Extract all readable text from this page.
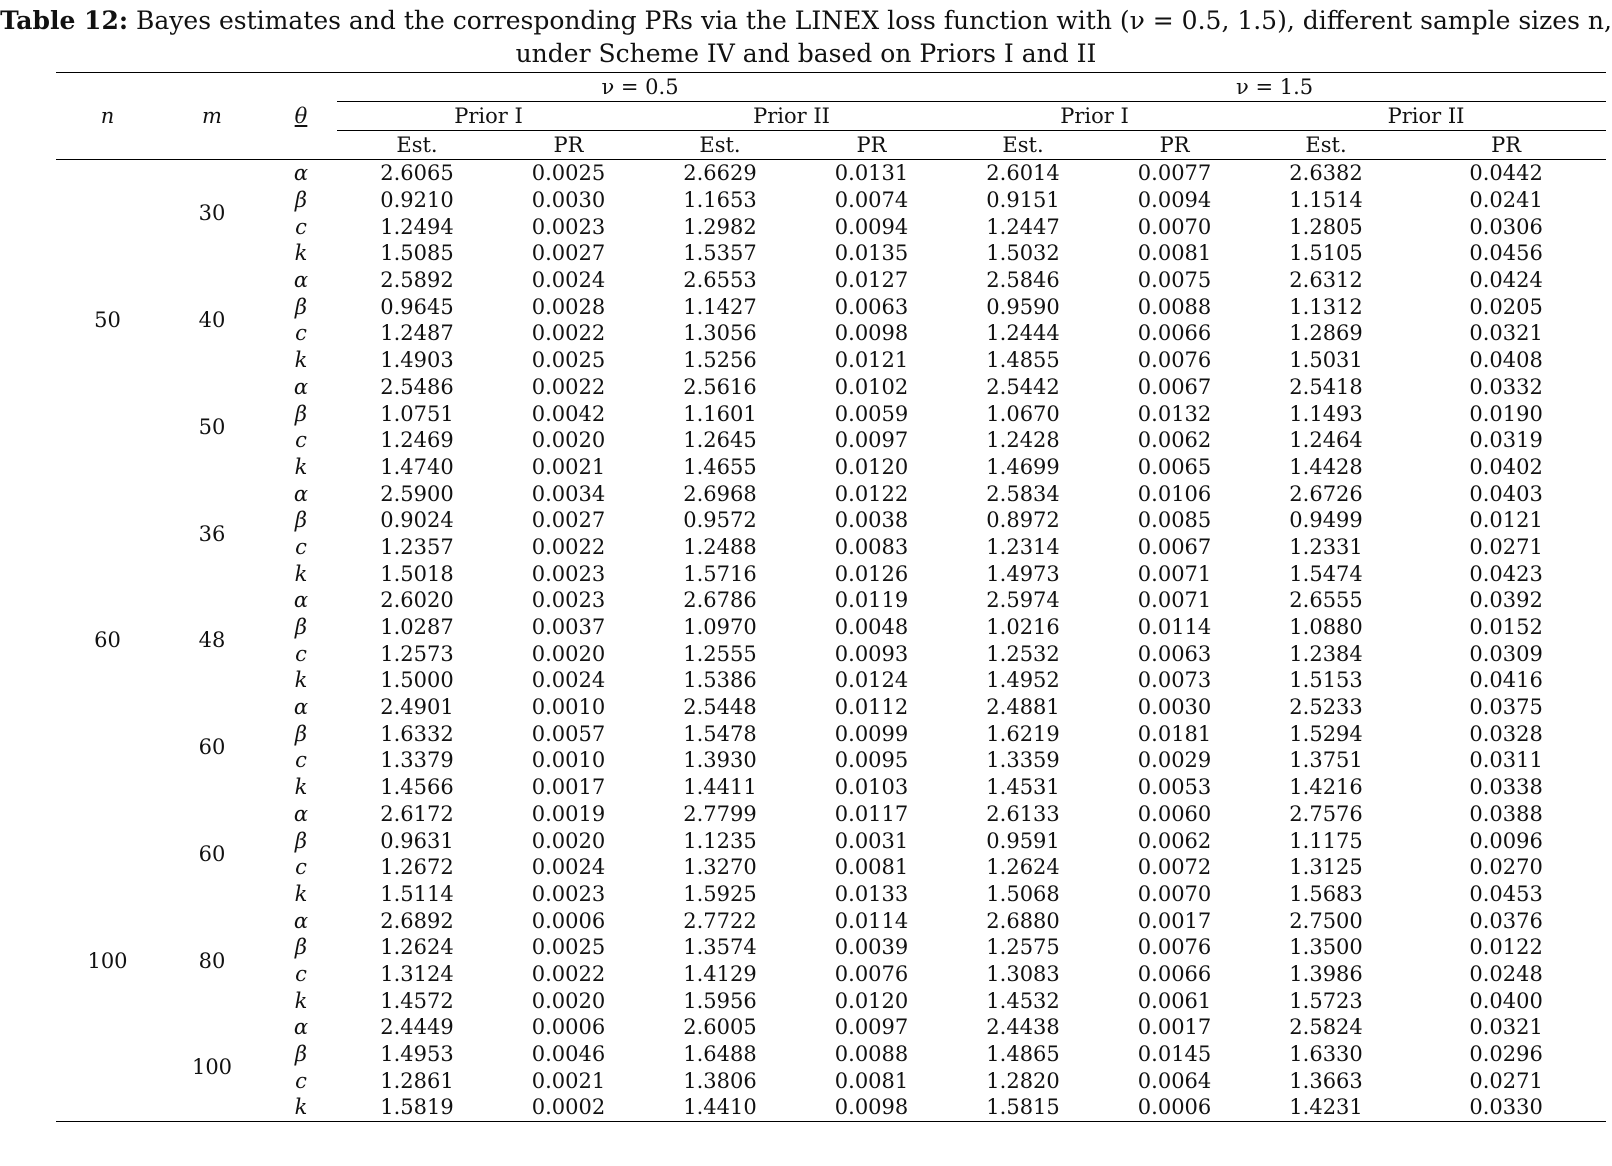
Table 12: Bayes estimates and the corresponding PRs via the LINEX loss function with (ν = 0.5, 1.5), different sample sizes n,
under Scheme IV and based on Priors I and II
n	m	θ	ν = 0.5				ν = 1.5			
			Prior I		Prior II		Prior I		Prior II	
			Est.	PR	Est.	PR	Est.	PR	Est.	PR
50	30	α	2.6065	0.0025	2.6629	0.0131	2.6014	0.0077	2.6382	0.0442
		β	0.9210	0.0030	1.1653	0.0074	0.9151	0.0094	1.1514	0.0241
		c	1.2494	0.0023	1.2982	0.0094	1.2447	0.0070	1.2805	0.0306
		k	1.5085	0.0027	1.5357	0.0135	1.5032	0.0081	1.5105	0.0456
	40	α	2.5892	0.0024	2.6553	0.0127	2.5846	0.0075	2.6312	0.0424
		β	0.9645	0.0028	1.1427	0.0063	0.9590	0.0088	1.1312	0.0205
		c	1.2487	0.0022	1.3056	0.0098	1.2444	0.0066	1.2869	0.0321
		k	1.4903	0.0025	1.5256	0.0121	1.4855	0.0076	1.5031	0.0408
	50	α	2.5486	0.0022	2.5616	0.0102	2.5442	0.0067	2.5418	0.0332
		β	1.0751	0.0042	1.1601	0.0059	1.0670	0.0132	1.1493	0.0190
		c	1.2469	0.0020	1.2645	0.0097	1.2428	0.0062	1.2464	0.0319
		k	1.4740	0.0021	1.4655	0.0120	1.4699	0.0065	1.4428	0.0402
60	36	α	2.5900	0.0034	2.6968	0.0122	2.5834	0.0106	2.6726	0.0403
		β	0.9024	0.0027	0.9572	0.0038	0.8972	0.0085	0.9499	0.0121
		c	1.2357	0.0022	1.2488	0.0083	1.2314	0.0067	1.2331	0.0271
		k	1.5018	0.0023	1.5716	0.0126	1.4973	0.0071	1.5474	0.0423
	48	α	2.6020	0.0023	2.6786	0.0119	2.5974	0.0071	2.6555	0.0392
		β	1.0287	0.0037	1.0970	0.0048	1.0216	0.0114	1.0880	0.0152
		c	1.2573	0.0020	1.2555	0.0093	1.2532	0.0063	1.2384	0.0309
		k	1.5000	0.0024	1.5386	0.0124	1.4952	0.0073	1.5153	0.0416
	60	α	2.4901	0.0010	2.5448	0.0112	2.4881	0.0030	2.5233	0.0375
		β	1.6332	0.0057	1.5478	0.0099	1.6219	0.0181	1.5294	0.0328
		c	1.3379	0.0010	1.3930	0.0095	1.3359	0.0029	1.3751	0.0311
		k	1.4566	0.0017	1.4411	0.0103	1.4531	0.0053	1.4216	0.0338
100	60	α	2.6172	0.0019	2.7799	0.0117	2.6133	0.0060	2.7576	0.0388
		β	0.9631	0.0020	1.1235	0.0031	0.9591	0.0062	1.1175	0.0096
		c	1.2672	0.0024	1.3270	0.0081	1.2624	0.0072	1.3125	0.0270
		k	1.5114	0.0023	1.5925	0.0133	1.5068	0.0070	1.5683	0.0453
	80	α	2.6892	0.0006	2.7722	0.0114	2.6880	0.0017	2.7500	0.0376
		β	1.2624	0.0025	1.3574	0.0039	1.2575	0.0076	1.3500	0.0122
		c	1.3124	0.0022	1.4129	0.0076	1.3083	0.0066	1.3986	0.0248
		k	1.4572	0.0020	1.5956	0.0120	1.4532	0.0061	1.5723	0.0400
	100	α	2.4449	0.0006	2.6005	0.0097	2.4438	0.0017	2.5824	0.0321
		β	1.4953	0.0046	1.6488	0.0088	1.4865	0.0145	1.6330	0.0296
		c	1.2861	0.0021	1.3806	0.0081	1.2820	0.0064	1.3663	0.0271
		k	1.5819	0.0002	1.4410	0.0098	1.5815	0.0006	1.4231	0.0330
